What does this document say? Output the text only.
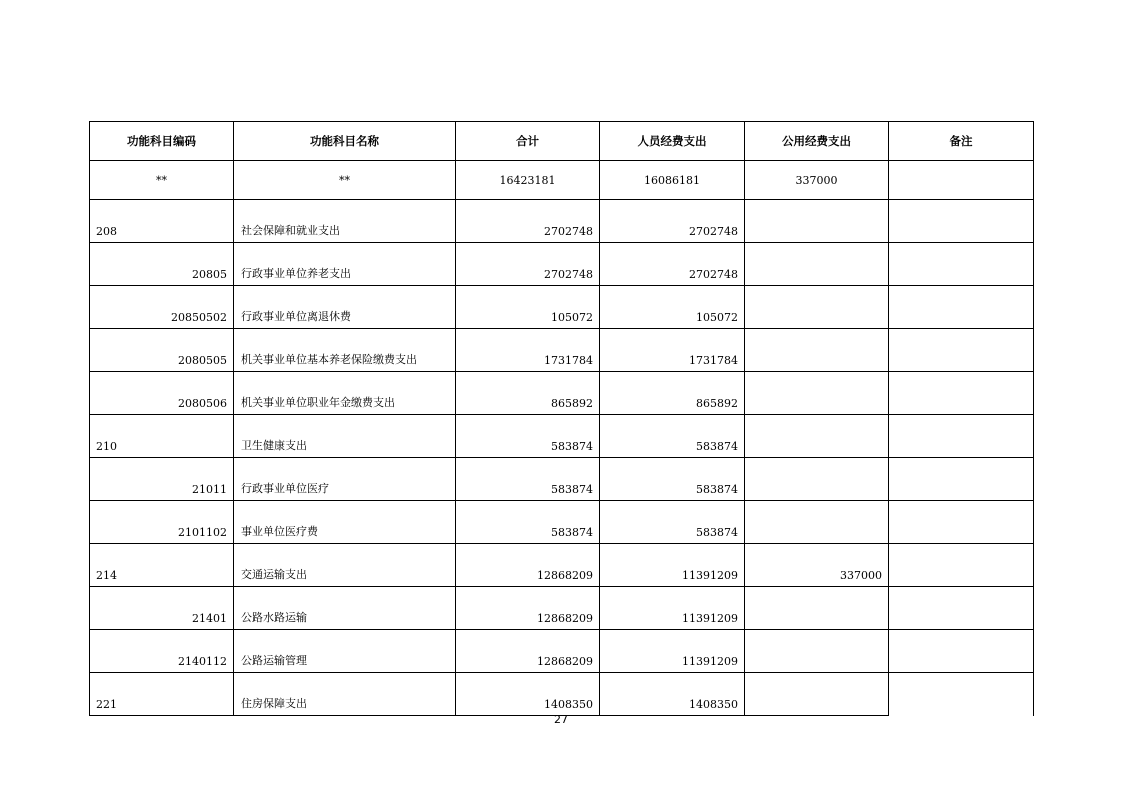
功能科目编码	功能科目名称	合计	人员经费支出	公用经费支出	备注
**	**	16423181	16086181	337000	
208	社会保障和就业支出	2702748	2702748		
20805	行政事业单位养老支出	2702748	2702748		
20850502	行政事业单位离退休费	105072	105072		
2080505	机关事业单位基本养老保险缴费支出	1731784	1731784		
2080506	机关事业单位职业年金缴费支出	865892	865892		
210	卫生健康支出	583874	583874		
21011	行政事业单位医疗	583874	583874		
2101102	事业单位医疗费	583874	583874		
214	交通运输支出	12868209	11391209	337000	
21401	公路水路运输	12868209	11391209		
2140112	公路运输管理	12868209	11391209		
221	住房保障支出	1408350	1408350		
27
